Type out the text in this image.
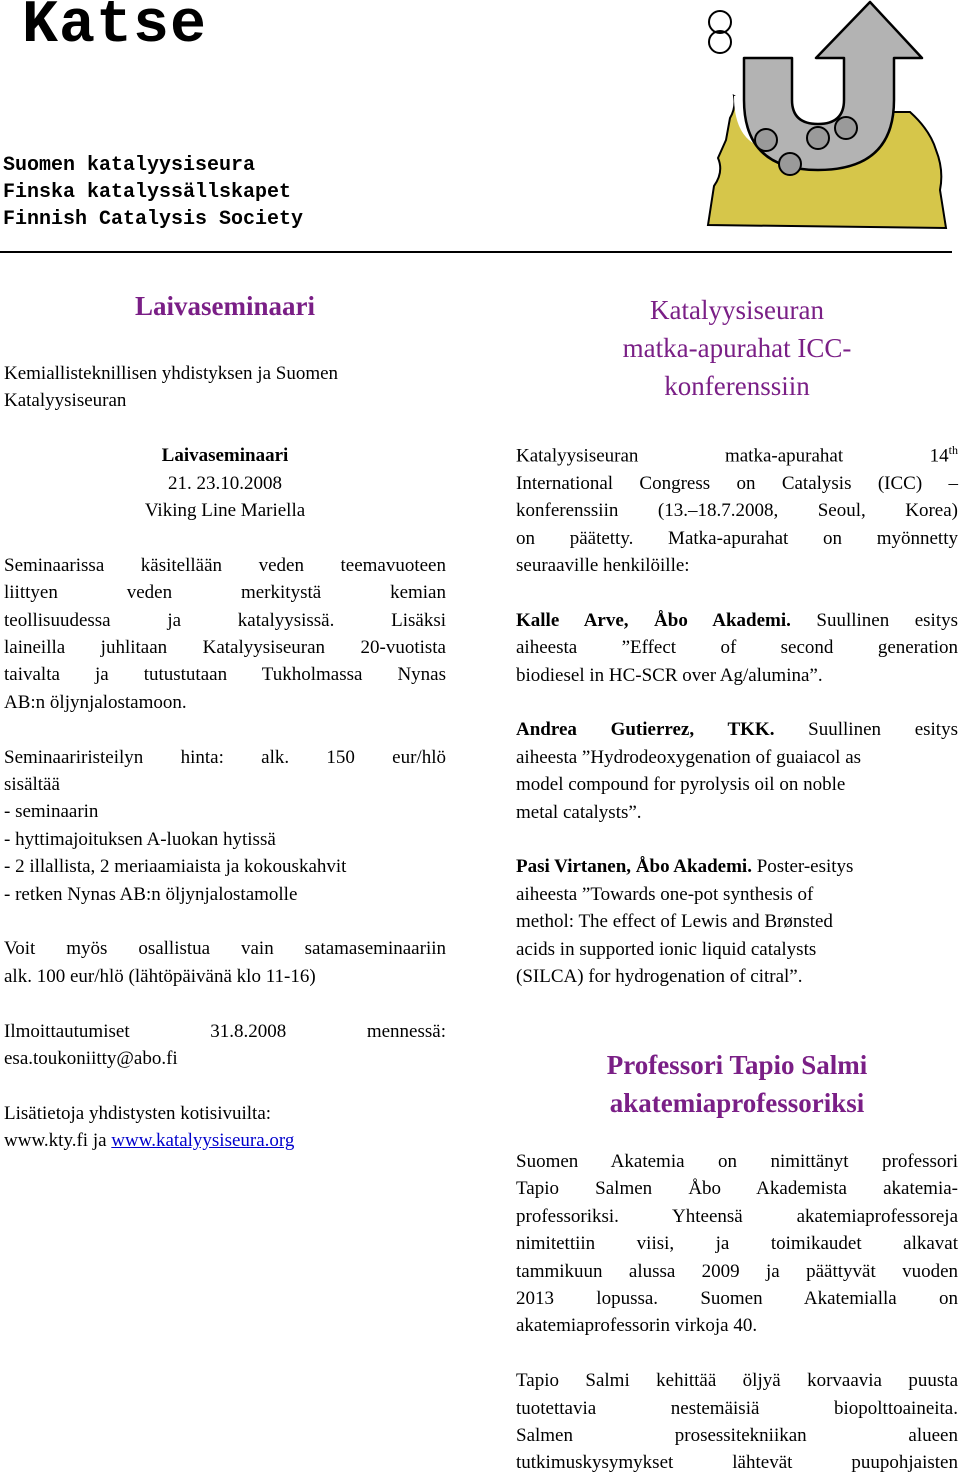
Katse
Suomen katalyysiseura
Finska katalyssällskapet
Finnish Catalysis Society
Laivaseminaari

Kemiallisteknillisen yhdistyksen ja Suomen

Katalyysiseuran

Laivaseminaari

21. 23.10.2008

Viking Line Mariella

Seminaarissa käsitellään veden teemavuoteen

liittyen veden merkitystä kemian

teollisuudessa ja katalyysissä. Lisäksi

laineilla juhlitaan Katalyysiseuran 20-vuotista

taivalta ja tutustutaan Tukholmassa Nynas

AB:n öljynjalostamoon.

Seminaariristeilyn hinta: alk. 150 eur/hlö

sisältää

- seminaarin

- hyttimajoituksen A-luokan hytissä

- 2 illallista, 2 meriaamiaista ja kokouskahvit

- retken Nynas AB:n öljynjalostamolle

Voit myös osallistua vain satamaseminaariin

alk. 100 eur/hlö (lähtöpäivänä klo 11-16)

Ilmoittautumiset 31.8.2008 mennessä:

esa.toukoniitty@abo.fi

Lisätietoja yhdistysten kotisivuilta:

www.kty.fi ja www.katalyysiseura.org

Katalyysiseuran
matka-apurahat ICC-
konferenssiin

Katalyysiseuran matka-apurahat 14th

International Congress on Catalysis (ICC) –

konferenssiin (13.–18.7.2008, Seoul, Korea)

on päätetty. Matka-apurahat on myönnetty

seuraaville henkilöille:

Kalle Arve, Åbo Akademi. Suullinen esitys

aiheesta ”Effect of second generation

biodiesel in HC-SCR over Ag/alumina”.

Andrea Gutierrez, TKK. Suullinen esitys

aiheesta ”Hydrodeoxygenation of guaiacol as

model compound for pyrolysis oil on noble

metal catalysts”.

Pasi Virtanen, Åbo Akademi. Poster-esitys

aiheesta ”Towards one-pot synthesis of

methol: The effect of Lewis and Brønsted

acids in supported ionic liquid catalysts

(SILCA) for hydrogenation of citral”.

Professori Tapio Salmi
akatemiaprofessoriksi

Suomen Akatemia on nimittänyt professori

Tapio Salmen Åbo Akademista akatemia-

professoriksi. Yhteensä akatemiaprofessoreja

nimitettiin viisi, ja toimikaudet alkavat

tammikuun alussa 2009 ja päättyvät vuoden

2013 lopussa. Suomen Akatemialla on

akatemiaprofessorin virkoja 40.

Tapio Salmi kehittää öljyä korvaavia puusta

tuotettavia nestemäisiä biopolttoaineita.

Salmen prosessitekniikan alueen

tutkimuskysymykset lähtevät puupohjaisten
